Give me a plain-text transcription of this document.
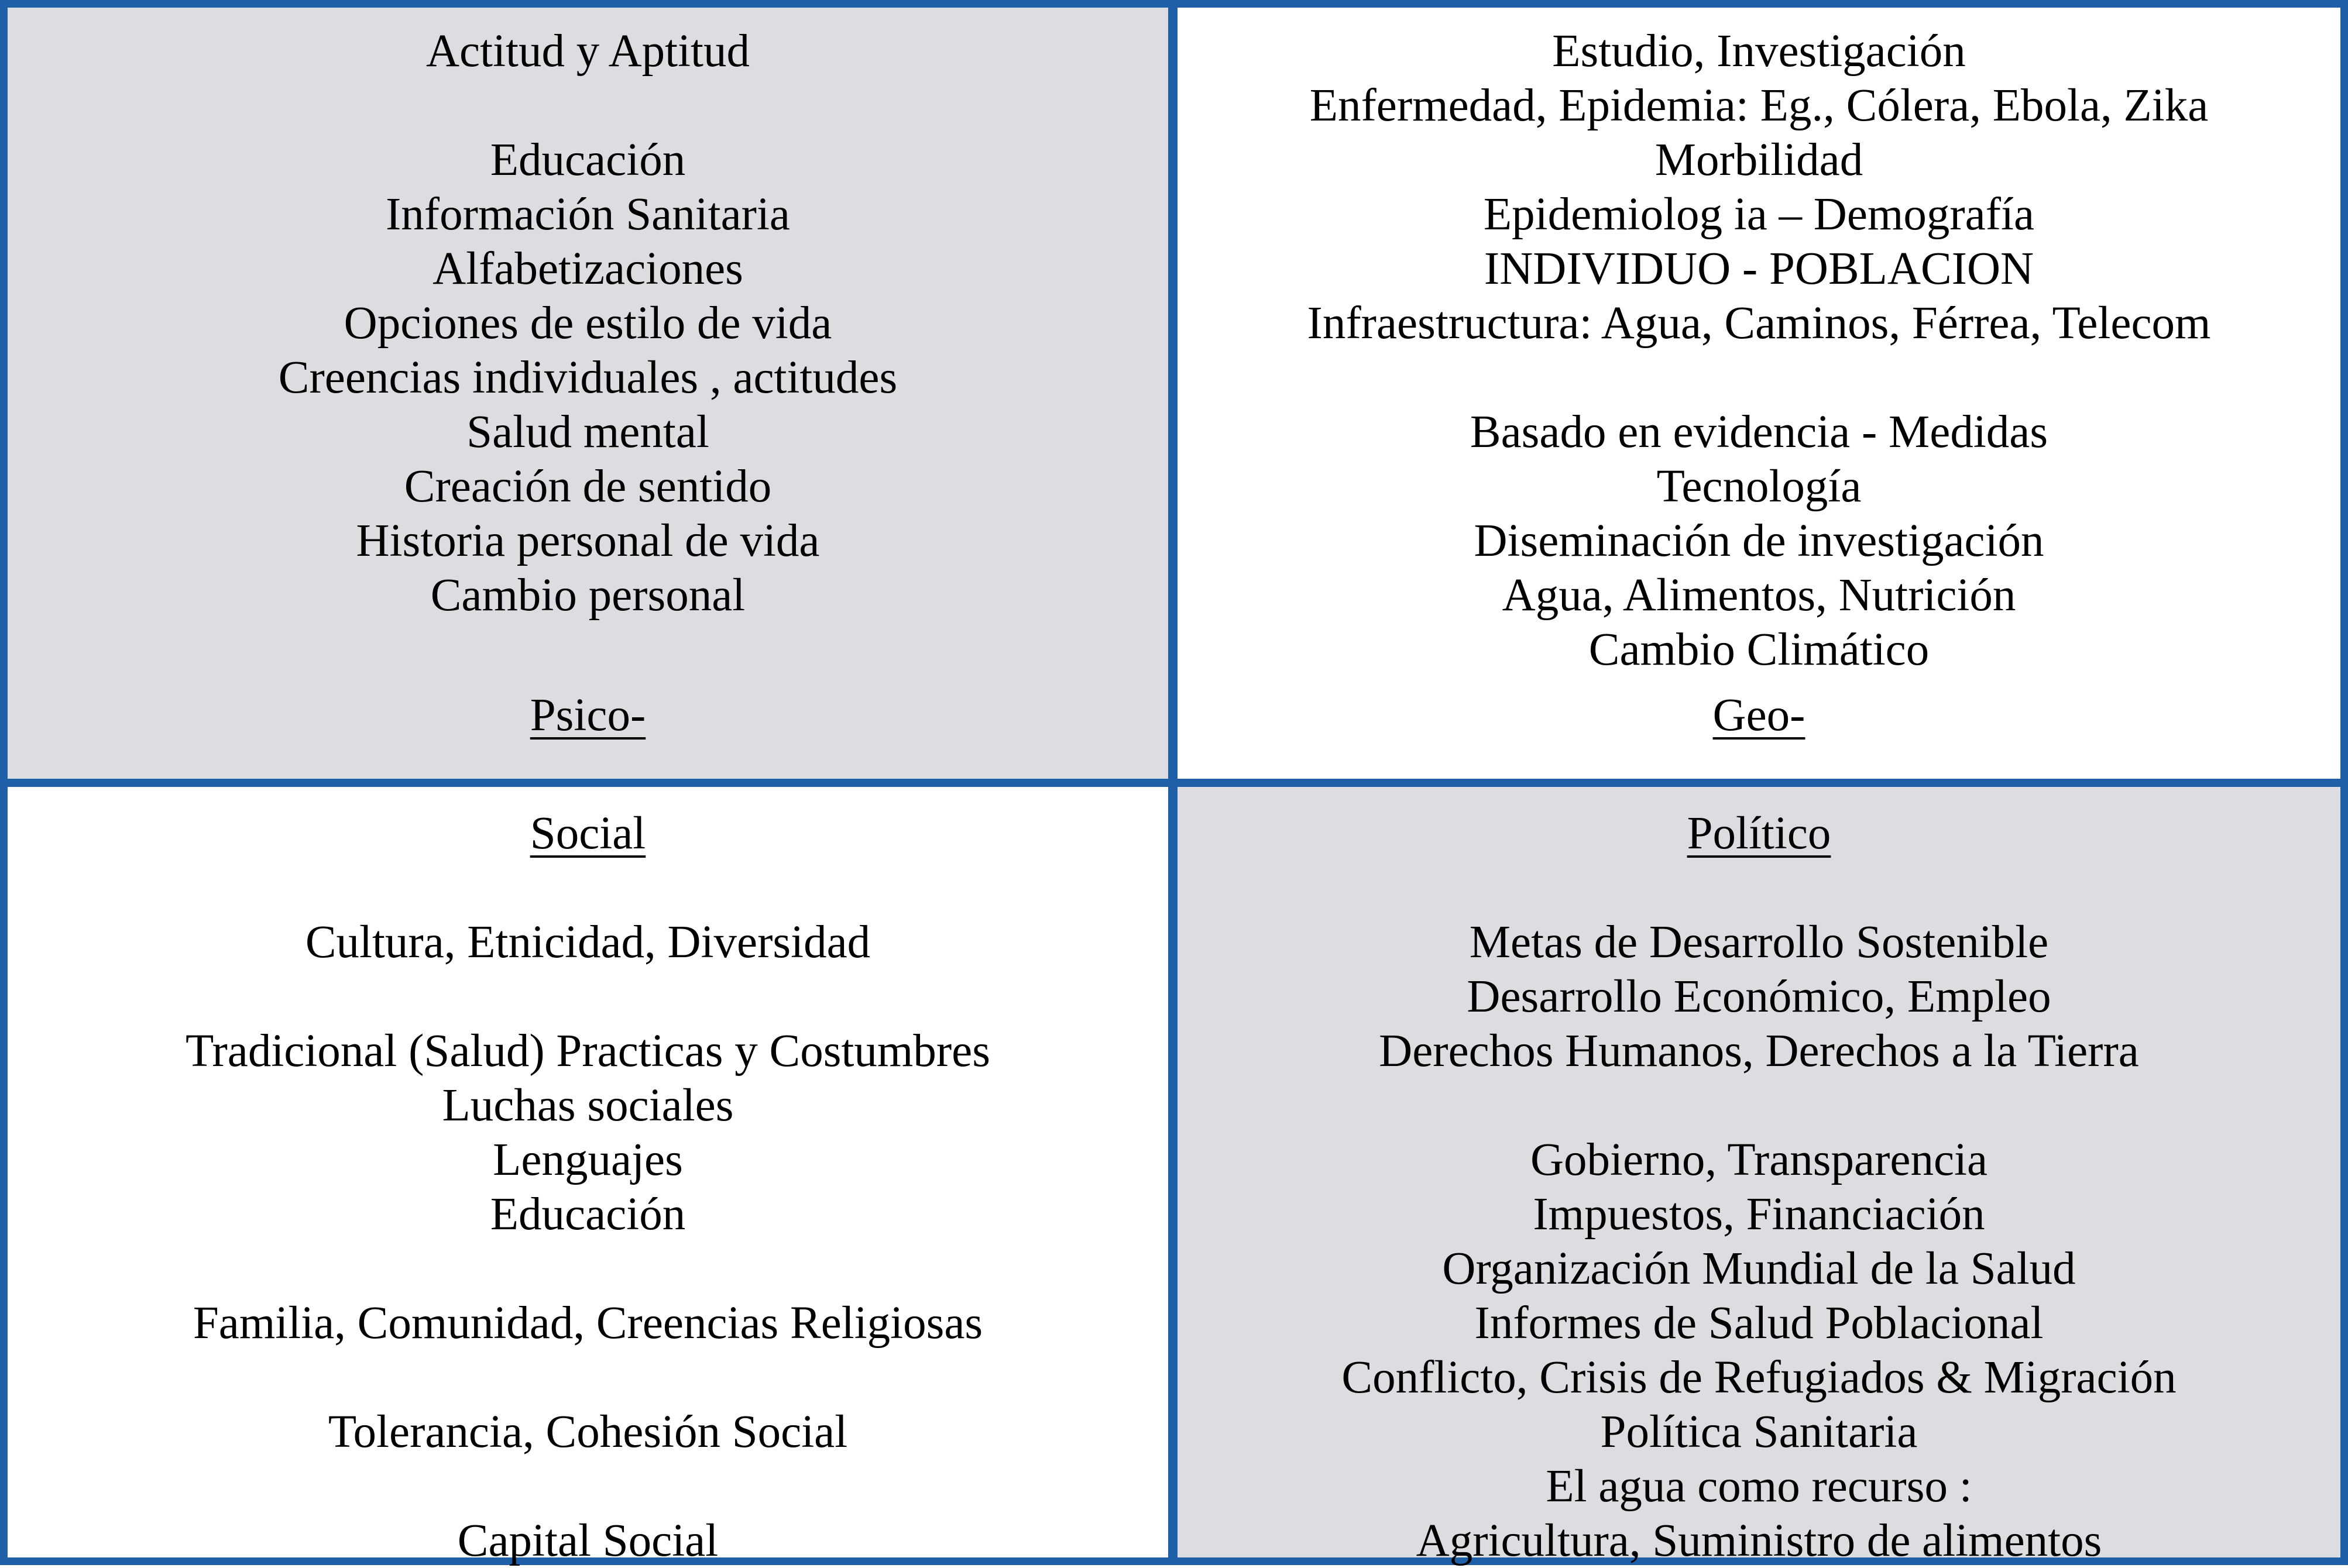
Actitud y Aptitud
Educación
Información Sanitaria
Alfabetizaciones
Opciones de estilo de vida
Creencias individuales , actitudes
Salud mental
Creación de sentido
Historia personal de vida
Cambio personal
Psico-
Estudio, Investigación
Enfermedad, Epidemia: Eg., Cólera, Ebola, Zika
Morbilidad
Epidemiolog ia – Demografía
INDIVIDUO - POBLACION
Infraestructura: Agua, Caminos, Férrea, Telecom
Basado en evidencia - Medidas
Tecnología
Diseminación de investigación
Agua, Alimentos, Nutrición
Cambio Climático
Geo-
Social
Cultura, Etnicidad, Diversidad
Tradicional (Salud) Practicas y Costumbres
Luchas sociales
Lenguajes
Educación
Familia, Comunidad, Creencias Religiosas
Tolerancia, Cohesión Social
Capital Social
Político
Metas de Desarrollo Sostenible
Desarrollo Económico, Empleo
Derechos Humanos, Derechos a la Tierra
Gobierno, Transparencia
Impuestos, Financiación
Organización Mundial de la Salud
Informes de Salud Poblacional
Conflicto, Crisis de Refugiados & Migración
Política Sanitaria
El agua como recurso :
Agricultura, Suministro de alimentos
